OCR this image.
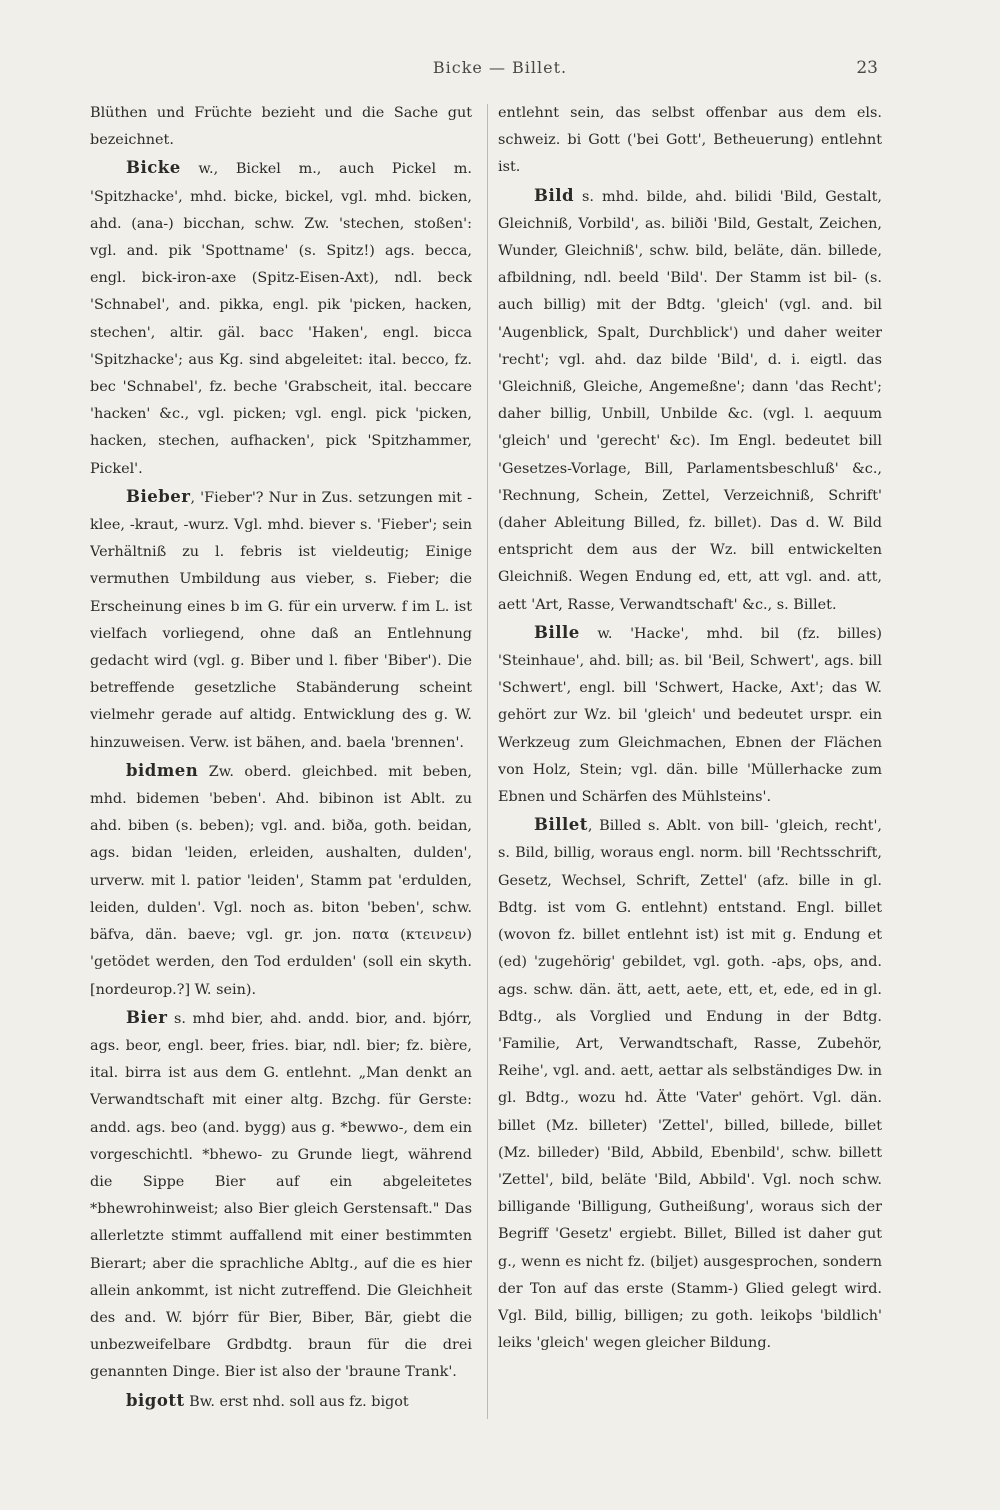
Bicke — Billet.	23

Blüthen und Früchte bezieht und die Sache gut bezeichnet.

Bicke w., Bickel m., auch Pickel m. 'Spitzhacke', mhd. bicke, bickel, vgl. mhd. bicken, ahd. (ana-) bicchan, schw. Zw. 'stechen, stoßen': vgl. and. pik 'Spottname' (s. Spitz!) ags. becca, engl. bick-iron-axe (Spitz-Eisen-Axt), ndl. beck 'Schnabel', and. pikka, engl. pik 'picken, hacken, stechen', altir. gäl. bacc 'Haken', engl. bicca 'Spitzhacke'; aus Kg. sind abgeleitet: ital. becco, fz. bec 'Schnabel', fz. beche 'Grabscheit, ital. beccare 'hacken' &c., vgl. picken; vgl. engl. pick 'picken, hacken, stechen, aufhacken', pick 'Spitzhammer, Pickel'.

Bieber, 'Fieber'? Nur in Zus. setzungen mit -klee, -kraut, -wurz. Vgl. mhd. biever s. 'Fieber'; sein Verhältniß zu l. febris ist vieldeutig; Einige vermuthen Umbildung aus vieber, s. Fieber; die Erscheinung eines b im G. für ein urverw. f im L. ist vielfach vorliegend, ohne daß an Entlehnung gedacht wird (vgl. g. Biber und l. fiber 'Biber'). Die betreffende gesetzliche Stabänderung scheint vielmehr gerade auf altidg. Entwicklung des g. W. hinzuweisen. Verw. ist bähen, and. baela 'brennen'.

bidmen Zw. oberd. gleichbed. mit beben, mhd. bidemen 'beben'. Ahd. bibinon ist Ablt. zu ahd. biben (s. beben); vgl. and. biða, goth. beidan, ags. bidan 'leiden, erleiden, aushalten, dulden', urverw. mit l. patior 'leiden', Stamm pat 'erdulden, leiden, dulden'. Vgl. noch as. biton 'beben', schw. bäfva, dän. baeve; vgl. gr. jon. πατα (κτεινειν) 'getödet werden, den Tod erdulden' (soll ein skyth. [nordeurop.?] W. sein).

Bier s. mhd bier, ahd. andd. bior, and. bjórr, ags. beor, engl. beer, fries. biar, ndl. bier; fz. bière, ital. birra ist aus dem G. entlehnt. „Man denkt an Verwandtschaft mit einer altg. Bzchg. für Gerste: andd. ags. beo (and. bygg) aus g. *bewwo-, dem ein vorgeschichtl. *bhewo- zu Grunde liegt, während die Sippe Bier auf ein abgeleitetes *bhewrohinweist; also Bier gleich Gerstensaft." Das allerletzte stimmt auffallend mit einer bestimmten Bierart; aber die sprachliche Abltg., auf die es hier allein ankommt, ist nicht zutreffend. Die Gleichheit des and. W. bjórr für Bier, Biber, Bär, giebt die unbezweifelbare Grdbdtg. braun für die drei genannten Dinge. Bier ist also der 'braune Trank'.

bigott Bw. erst nhd. soll aus fz. bigot

entlehnt sein, das selbst offenbar aus dem els. schweiz. bi Gott ('bei Gott', Betheuerung) entlehnt ist.

Bild s. mhd. bilde, ahd. bilidi 'Bild, Gestalt, Gleichniß, Vorbild', as. biliði 'Bild, Gestalt, Zeichen, Wunder, Gleichniß', schw. bild, beläte, dän. billede, afbildning, ndl. beeld 'Bild'. Der Stamm ist bil- (s. auch billig) mit der Bdtg. 'gleich' (vgl. and. bil 'Augenblick, Spalt, Durchblick') und daher weiter 'recht'; vgl. ahd. daz bilde 'Bild', d. i. eigtl. das 'Gleichniß, Gleiche, Angemeßne'; dann 'das Recht'; daher billig, Unbill, Unbilde &c. (vgl. l. aequum 'gleich' und 'gerecht' &c). Im Engl. bedeutet bill 'Gesetzes-Vorlage, Bill, Parlamentsbeschluß' &c., 'Rechnung, Schein, Zettel, Verzeichniß, Schrift' (daher Ableitung Billed, fz. billet). Das d. W. Bild entspricht dem aus der Wz. bill entwickelten Gleichniß. Wegen Endung ed, ett, att vgl. and. att, aett 'Art, Rasse, Verwandtschaft' &c., s. Billet.

Bille w. 'Hacke', mhd. bil (fz. billes) 'Steinhaue', ahd. bill; as. bil 'Beil, Schwert', ags. bill 'Schwert', engl. bill 'Schwert, Hacke, Axt'; das W. gehört zur Wz. bil 'gleich' und bedeutet urspr. ein Werkzeug zum Gleichmachen, Ebnen der Flächen von Holz, Stein; vgl. dän. bille 'Müllerhacke zum Ebnen und Schärfen des Mühlsteins'.

Billet, Billed s. Ablt. von bill- 'gleich, recht', s. Bild, billig, woraus engl. norm. bill 'Rechtsschrift, Gesetz, Wechsel, Schrift, Zettel' (afz. bille in gl. Bdtg. ist vom G. entlehnt) entstand. Engl. billet (wovon fz. billet entlehnt ist) ist mit g. Endung et (ed) 'zugehörig' gebildet, vgl. goth. -aþs, oþs, and. ags. schw. dän. ätt, aett, aete, ett, et, ede, ed in gl. Bdtg., als Vorglied und Endung in der Bdtg. 'Familie, Art, Verwandtschaft, Rasse, Zubehör, Reihe', vgl. and. aett, aettar als selbständiges Dw. in gl. Bdtg., wozu hd. Ätte 'Vater' gehört. Vgl. dän. billet (Mz. billeter) 'Zettel', billed, billede, billet (Mz. billeder) 'Bild, Abbild, Ebenbild', schw. billett 'Zettel', bild, beläte 'Bild, Abbild'. Vgl. noch schw. billigande 'Billigung, Gutheißung', woraus sich der Begriff 'Gesetz' ergiebt. Billet, Billed ist daher gut g., wenn es nicht fz. (biljet) ausgesprochen, sondern der Ton auf das erste (Stamm-) Glied gelegt wird. Vgl. Bild, billig, billigen; zu goth. leikoþs 'bildlich' leiks 'gleich' wegen gleicher Bildung.
